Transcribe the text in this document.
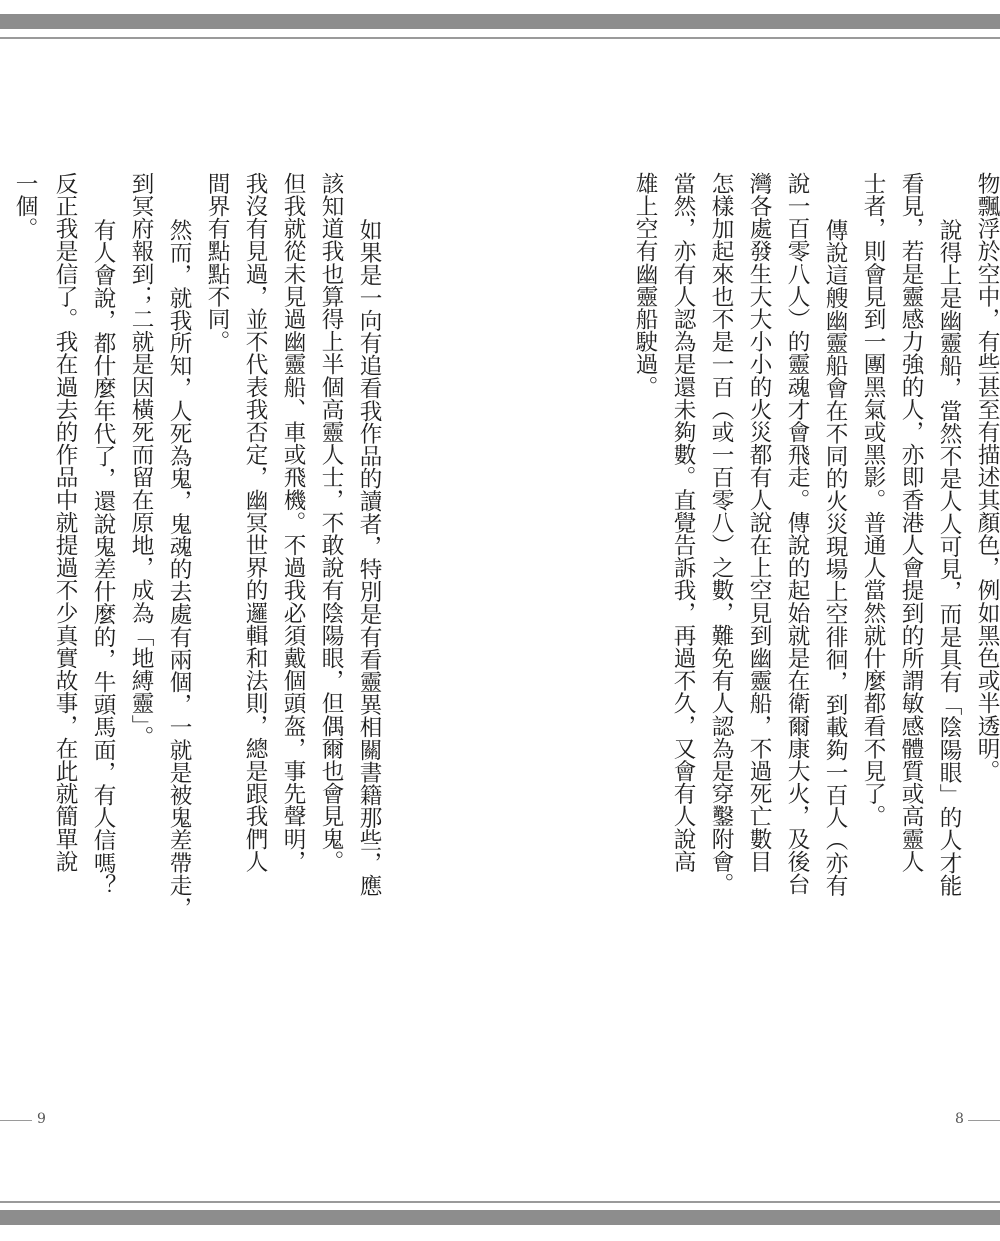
物飄浮於空中，有些甚至有描述其顏色，例如黑色或半透明。
　說得上是幽靈船，當然不是人人可見，而是具有「陰陽眼」的人才能
看見，若是靈感力強的人，亦即香港人會提到的所謂敏感體質或高靈人
士者，則會見到一團黑氣或黑影。普通人當然就什麼都看不見了。
　傳說這艘幽靈船會在不同的火災現場上空徘徊，到載夠一百人（亦有
說一百零八人）的靈魂才會飛走。傳說的起始就是在衛爾康大火，及後台
灣各處發生大大小小的火災都有人說在上空見到幽靈船，不過死亡數目
怎樣加起來也不是一百（或一百零八）之數，難免有人認為是穿鑿附會。
當然，亦有人認為是還未夠數。直覺告訴我，再過不久，又會有人說高
雄上空有幽靈船駛過。
　如果是一向有追看我作品的讀者，特別是有看靈異相關書籍那些，應
該知道我也算得上半個高靈人士，不敢說有陰陽眼，但偶爾也會見鬼。
但我就從未見過幽靈船、車或飛機。不過我必須戴個頭盔，事先聲明，
我沒有見過，並不代表我否定，幽冥世界的邏輯和法則，總是跟我們人
間界有點點不同。
　然而，就我所知，人死為鬼，鬼魂的去處有兩個，一就是被鬼差帶走，
到冥府報到；二就是因橫死而留在原地，成為「地縛靈」。
　有人會說，都什麼年代了，還說鬼差什麼的，牛頭馬面，有人信嗎？
反正我是信了。我在過去的作品中就提過不少真實故事，在此就簡單說
一個。
9	8
